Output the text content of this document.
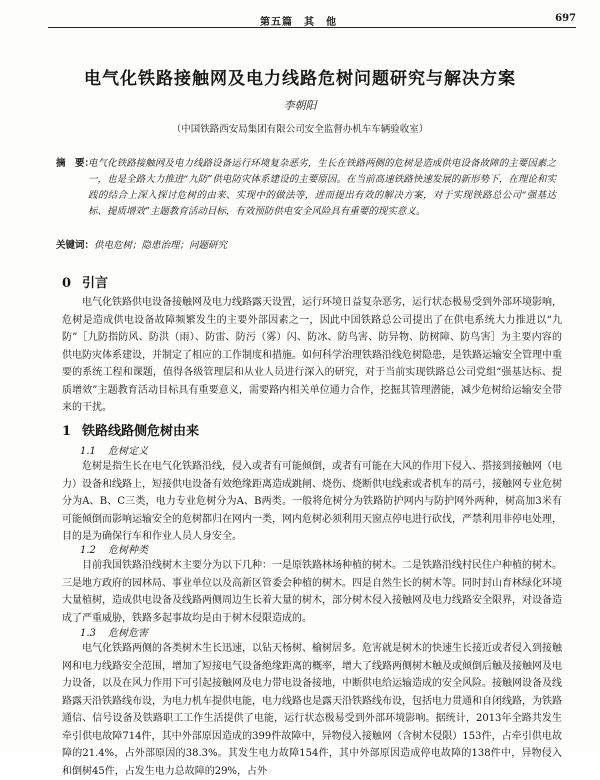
第五篇　其　他	697
电气化铁路接触网及电力线路危树问题研究与解决方案
李朝阳
（中国铁路西安局集团有限公司安全监督办机车车辆验收室）
摘　要：
电气化铁路接触网及电力线路设备运行环境复杂恶劣，生长在铁路两侧的危树是造成供电设备故障的主要因素之一，也是全路大力推进“九防”供电防灾体系建设的主要原因。在当前高速铁路快速发展的新形势下，在理论和实践的结合上深入探讨危树的由来、实现中的做法等，进而提出有效的解决方案，对于实现铁路总公司“强基达标、提质增效”主题教育活动目标，有效预防供电安全风险具有重要的现实意义。
关键词：供电危树；隐患治理；问题研究
0 引言
电气化铁路供电设备接触网及电力线路露天设置，运行环境日益复杂恶劣，运行状态极易受到外部环境影响，危树是造成供电设备故障频繁发生的主要外部因素之一，因此中国铁路总公司提出了在供电系统大力推进以“九防”［九防指防风、防洪（雨）、防雷、防污（雾）闪、防冰、防鸟害、防异物、防树障、防鸟害］为主要内容的供电防灾体系建设，并制定了相应的工作制度和措施。如何科学治理铁路沿线危树隐患，是铁路运输安全管理中重要的系统工程和课题，值得各级管理层和从业人员进行深入的研究，对于当前实现铁路总公司党组“强基达标、提质增效”主题教育活动目标具有重要意义，需要路内相关单位通力合作，挖掘其管理潜能，减少危树给运输安全带来的干扰。
1 铁路线路侧危树由来
1.1 危树定义
危树是指生长在电气化铁路沿线，侵入或者有可能倾倒，或者有可能在大风的作用下侵入、搭接到接触网（电力）设备和线路上，短接供电设备有效绝缘距离造成跳闸、烧伤、烧断供电线索或者机车的鬲弓，接触网专业危树分为A、B、C三类，电力专业危树分为A、B两类。一般将危树分为铁路防护网内与防护网外两种，树高加3米有可能倾倒而影响运输安全的危树都归在网内一类，网内危树必须利用天窗点停电进行砍伐，严禁利用非停电处理，目的是为确保行车和作业人员人身安全。
1.2 危树种类
目前我国铁路沿线树木主要分为以下几种：一是原铁路林场种植的树木。二是铁路沿线村民住户种植的树木。三是地方政府的园林局、事业单位以及高新区管委会种植的树木。四是自然生长的树木等。同时封山育林绿化环境大量植树，造成供电设备及线路两侧周边生长着大量的树木，部分树木侵入接触网及电力线路安全限界，对设备造成了严重威胁，铁路多起事故均是由于树木侵限造成的。
1.3 危树危害
电气化铁路两侧的各类树木生长迅速，以钻天杨树、榆树居多。危害就是树木的快速生长接近或者侵入到接触网和电力线路安全范围，增加了短接电气设备绝缘距离的概率，增大了线路两侧树木触及或倾倒后触及接触网及电力设备，以及在风力作用下可引起接触网及电力带电设备接地，中断供电给运输造成的安全风险。接触网设备及线路露天沿铁路线布设，为电力机车提供电能，电力线路也是露天沿铁路线布设，包括电力贯通和自闭线路，为铁路通信、信号设备及铁路职工工作生活提供了电能，运行状态极易受到外部环境影响。据统计，2013年全路共发生牵引供电故障714件，其中外部原因造成的399件故障中，异物侵入接触网（含树木侵限）153件，占牵引供电故障的21.4%，占外部原因的38.3%。其发生电力故障154件，其中外部原因造成停电故障的138件中，异物侵入和倒树45件，占发生电力总故障的29%，占外
